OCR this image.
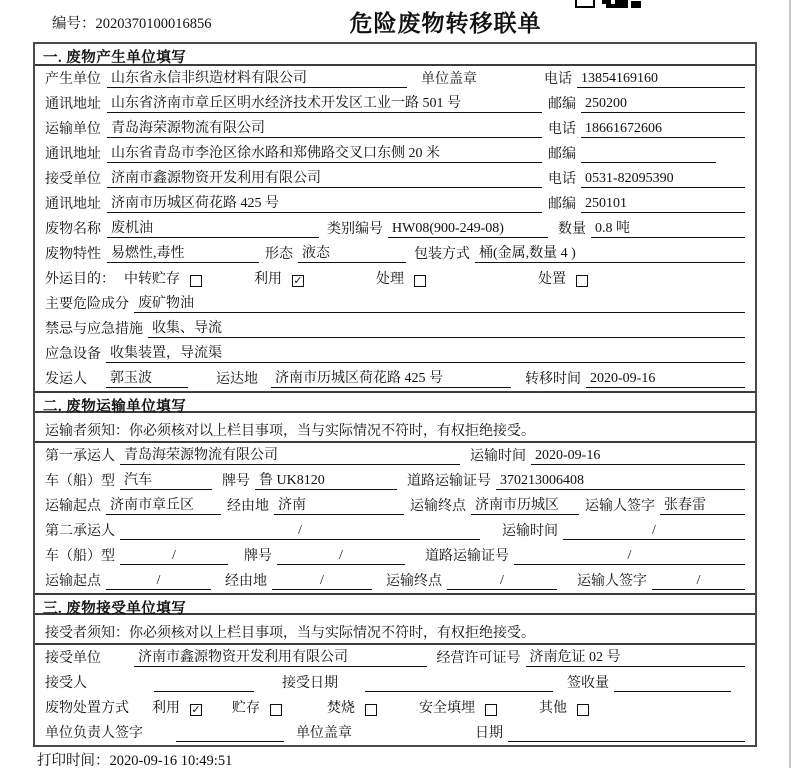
编号：2020370100016856	危险废物转移联单
一. 废物产生单位填写
产生单位 山东省永信非织造材料有限公司	单位盖章	电话 13854169160
通讯地址 山东省济南市章丘区明水经济技术开发区工业一路 501 号	邮编 250200
运输单位 青岛海荣源物流有限公司	电话 18661672606
通讯地址 山东省青岛市李沧区徐水路和郑佛路交叉口东侧 20 米	邮编
接受单位 济南市鑫源物资开发利用有限公司	电话 0531-82095390
通讯地址 济南市历城区荷花路 425 号	邮编 250101
废物名称 废机油	类别编号 HW08(900-249-08)	数量 0.8 吨
废物特性 易燃性,毒性	形态 液态	包装方式 桶(金属,数量 4 )
外运目的： 中转贮存	利用	✓	处理	处置
主要危险成分 废矿物油
禁忌与应急措施 收集、导流
应急设备 收集装置，导流渠
发运人	郭玉波	运达地	济南市历城区荷花路 425 号	转移时间 2020-09-16
二. 废物运输单位填写
运输者须知：你必须核对以上栏目事项，当与实际情况不符时，有权拒绝接受。
第一承运人 青岛海荣源物流有限公司	运输时间 2020-09-16
车（船）型 汽车	牌号 鲁 UK8120	道路运输证号 370213006408
运输起点 济南市章丘区	经由地 济南	运输终点 济南市历城区	运输人签字 张春雷
第二承运人	/	运输时间	/
车（船）型	/	牌号	/	道路运输证号	/
运输起点	/	经由地	/	运输终点	/	运输人签字	/
三. 废物接受单位填写
接受者须知：你必须核对以上栏目事项，当与实际情况不符时，有权拒绝接受。
接受单位	济南市鑫源物资开发利用有限公司	经营许可证号 济南危证 02 号
接受人	接受日期	签收量
废物处置方式	利用	✓ 贮存	焚烧	安全填埋	其他
单位负责人签字	单位盖章	日期
打印时间：2020-09-16 10:49:51
